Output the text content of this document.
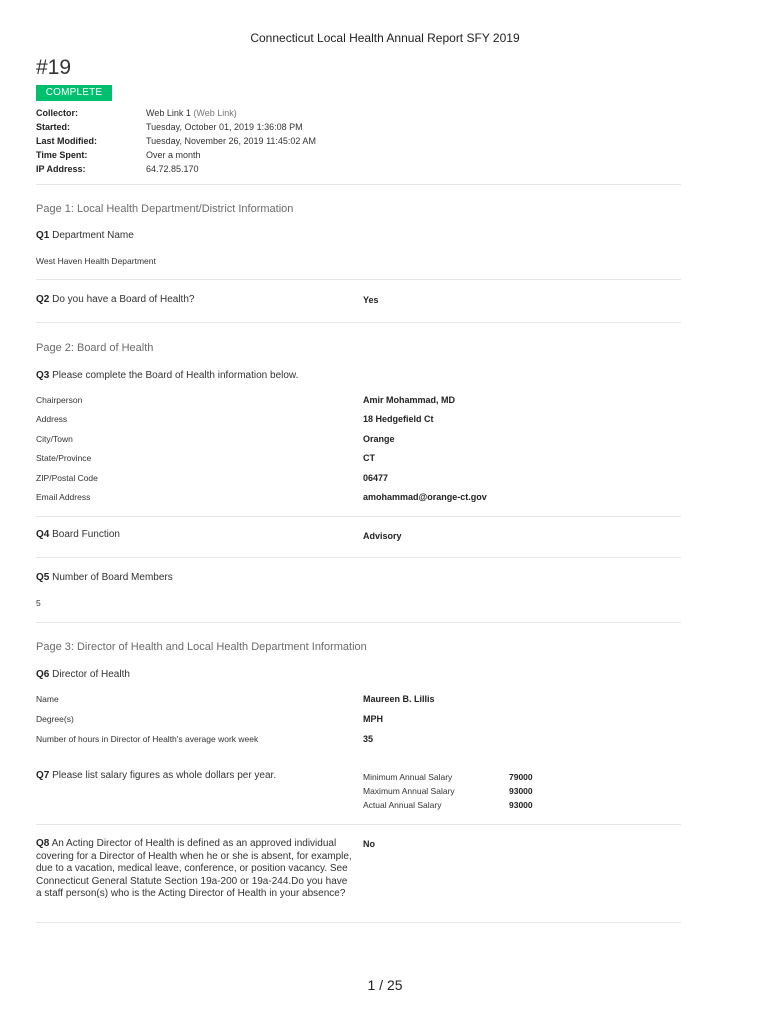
Connecticut Local Health Annual Report SFY 2019
#19
COMPLETE
Collector:	Web Link 1 (Web Link)
Started:	Tuesday, October 01, 2019 1:36:08 PM
Last Modified:	Tuesday, November 26, 2019 11:45:02 AM
Time Spent:	Over a month
IP Address:	64.72.85.170
Page 1: Local Health Department/District Information
Q1 Department Name
West Haven Health Department
Q2 Do you have a Board of Health?	Yes
Page 2: Board of Health
Q3 Please complete the Board of Health information below.
Chairperson	Amir Mohammad, MD
Address	18 Hedgefield Ct
City/Town	Orange
State/Province	CT
ZIP/Postal Code	06477
Email Address	amohammad@orange-ct.gov
Q4 Board Function	Advisory
Q5 Number of Board Members
5
Page 3: Director of Health and Local Health Department Information
Q6 Director of Health
Name	Maureen B. Lillis
Degree(s)	MPH
Number of hours in Director of Health's average work week	35
Q7 Please list salary figures as whole dollars per year.	Minimum Annual Salary	79000
Maximum Annual Salary	93000
Actual Annual Salary	93000
Q8 An Acting Director of Health is defined as an approved individual covering for a Director of Health when he or she is absent, for example, due to a vacation, medical leave, conference, or position vacancy. See Connecticut General Statute Section 19a-200 or 19a-244.Do you have a staff person(s) who is the Acting Director of Health in your absence?
No
1 / 25
